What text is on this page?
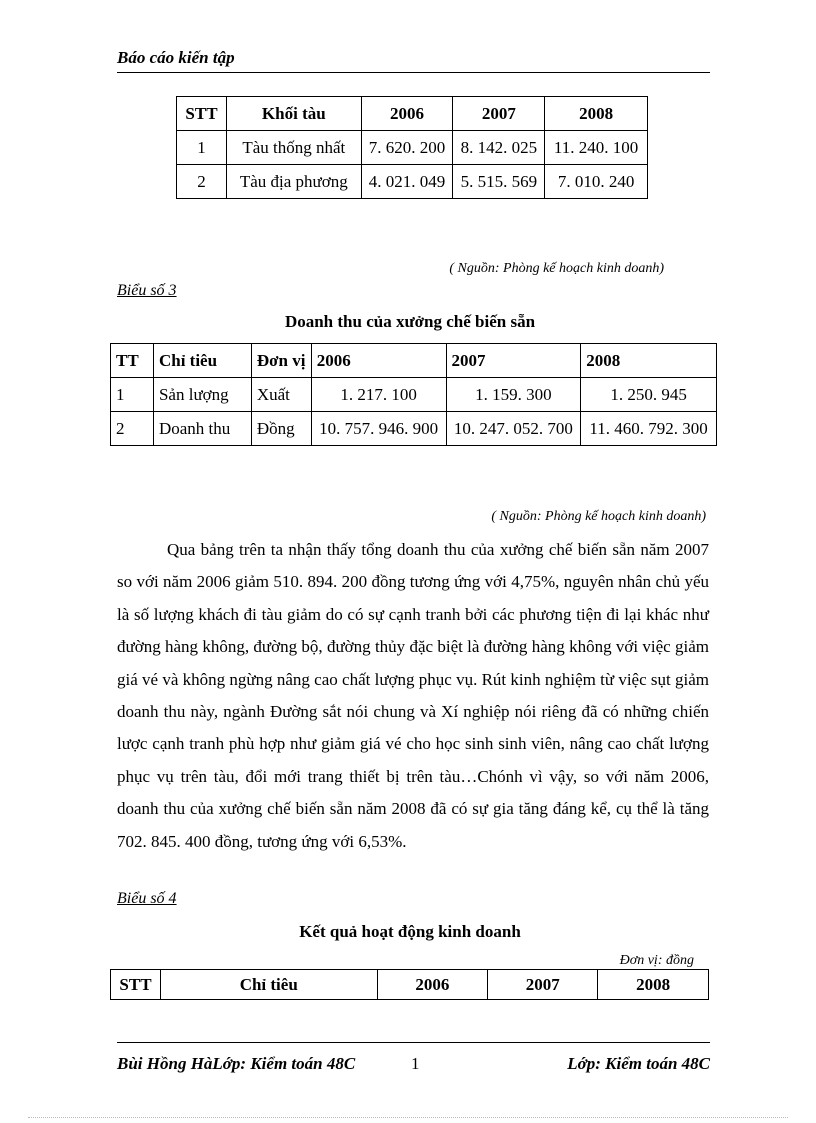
Báo cáo kiến tập
STT	Khối tàu	2006	2007	2008
1	Tàu thống nhất	7. 620. 200	8. 142. 025	11. 240. 100
2	Tàu địa phương	4. 021. 049	5. 515. 569	7. 010. 240
( Nguồn: Phòng kế hoạch kinh doanh)
Biểu số 3
Doanh thu của xưởng chế biến sẵn
TT	Chỉ tiêu	Đơn vị	2006	2007	2008
1	Sản lượng	Xuất	1. 217. 100	1. 159. 300	1. 250. 945
2	Doanh thu	Đồng	10. 757. 946. 900	10. 247. 052. 700	11. 460. 792. 300
( Nguồn: Phòng kế hoạch kinh doanh)

Qua bảng trên ta nhận thấy tổng doanh thu của xưởng chế biến sẵn năm 2007 so với năm 2006 giảm 510. 894. 200 đồng tương ứng với 4,75%, nguyên nhân chủ yếu là số lượng khách đi tàu giảm do có sự cạnh tranh bởi các phương tiện đi lại khác như đường hàng không, đường bộ, đường thủy đặc biệt là đường hàng không với việc giảm giá vé và không ngừng nâng cao chất lượng phục vụ. Rút kinh nghiệm từ việc sụt giảm doanh thu này, ngành Đường sắt nói chung và Xí nghiệp nói riêng đã có những chiến lược cạnh tranh phù hợp như giảm giá vé cho học sinh sinh viên, nâng cao chất lượng phục vụ trên tàu, đổi mới trang thiết bị trên tàu…Chónh vì vậy, so với năm 2006, doanh thu của xưởng chế biến sẵn năm 2008 đã có sự gia tăng đáng kể, cụ thể là tăng 702. 845. 400 đồng, tương ứng với 6,53%.

Biểu số 4
Kết quả hoạt động kinh doanh
Đơn vị: đồng
STT	Chỉ tiêu	2006	2007	2008
Bùi Hồng HàLớp: Kiểm toán 48C	1	Lớp: Kiểm toán 48C
